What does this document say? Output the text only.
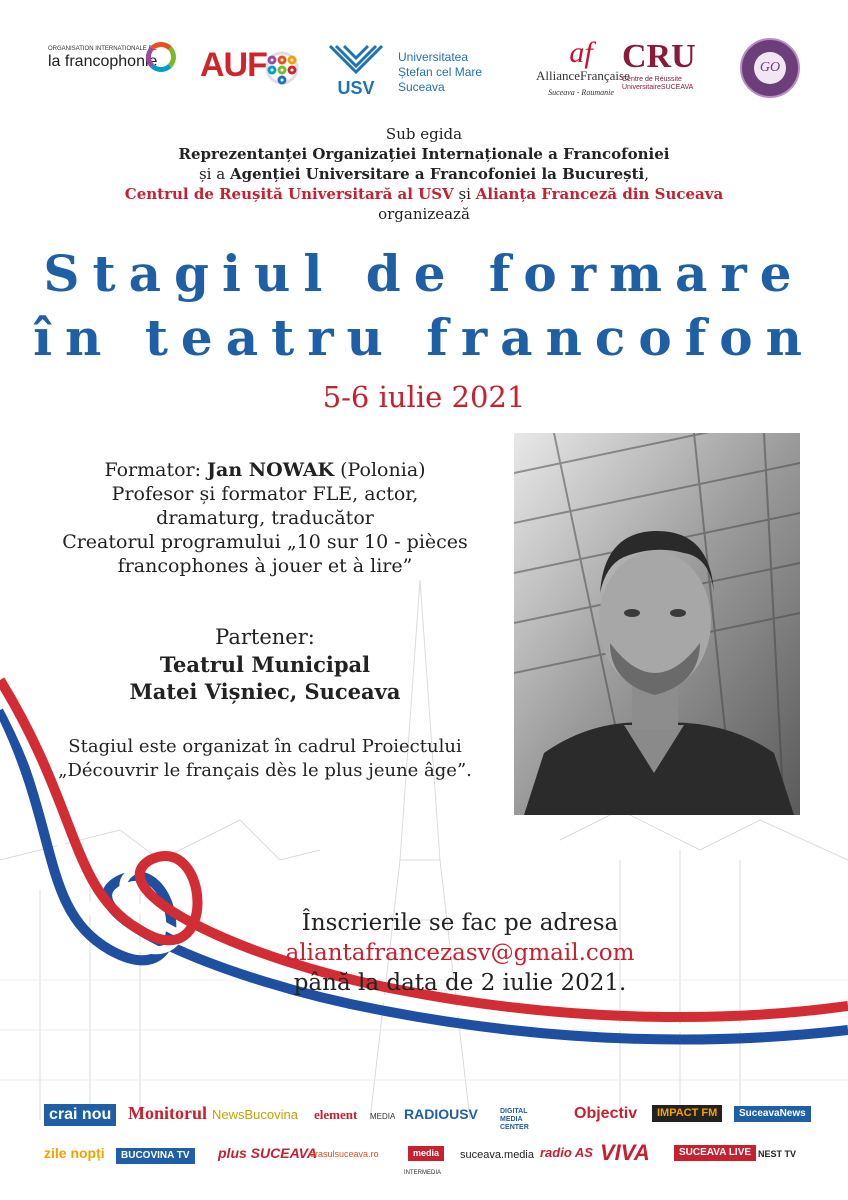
ORGANISATION INTERNATIONALE DE
la francophonie	AUF
USV
Universitatea
Ștefan cel Mare
Suceava
af
AllianceFrançaise
Suceava - Roumanie
CRU
Centre de Réussite
UniversitaireSUCEAVA
GO
Sub egida
Reprezentanței Organizației Internaționale a Francofoniei
și a Agenției Universitare a Francofoniei la București,
Centrul de Reușită Universitară al USV și Alianța Franceză din Suceava
organizează
Stagiul de formare
în teatru francofon
5-6 iulie 2021
Formator: Jan NOWAK (Polonia)
Profesor și formator FLE, actor,
dramaturg, traducător
Creatorul programului „10 sur 10 - pièces
francophones à jouer et à lire”
Partener:
Teatrul Municipal
Matei Vișniec, Suceava
Stagiul este organizat în cadrul Proiectului
„Découvrir le français dès le plus jeune âge”.
Înscrierile se fac pe adresa
aliantafrancezasv@gmail.com
până la data de 2 iulie 2021.
crai nou Monitorul NewsBucovina element MEDIA RADIOUSV	DIGITAL MEDIA CENTER
Objectiv	IMPACT FM	SuceavaNews
zile nopți	BUCOVINA TV	plus SUCEAVA
orasulsuceava.ro	media
INTERMEDIA
suceava.media radio AS VIVA	SUCEAVA LIVE NEST TV
